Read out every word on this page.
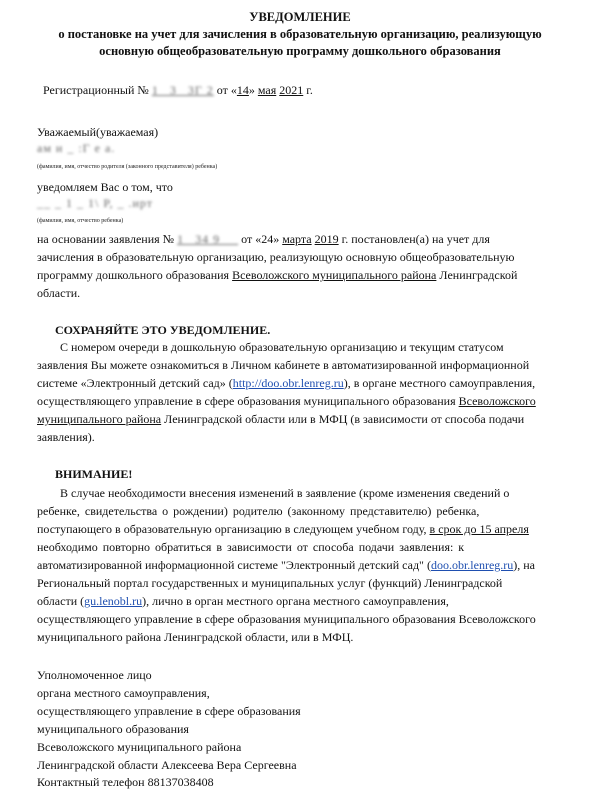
УВЕДОМЛЕНИЕ
о постановке на учет для зачисления в образовательную организацию, реализующую
основную общеобразовательную программу дошкольного образования
Регистрационный № 1_ 3_ 3Г 2 от «14» мая 2021 г.
Уважаемый(уважаемая)
ам и _ :Г е а.
(фамилия, имя, отчество родителя (законного представителя) ребенка)
уведомляем Вас о том, что
__ _ 1 _ 1\ Р, _ .ирт
(фамилия, имя, отчество ребенка)
на основании заявления № 1_ 34 9_ _ от «24» марта 2019 г. постановлен(а) на учет для
зачисления в образовательную организацию, реализующую основную общеобразовательную
программу дошкольного образования Всеволожского муниципального района Ленинградской
области.
СОХРАНЯЙТЕ ЭТО УВЕДОМЛЕНИЕ.
С номером очереди в дошкольную образовательную организацию и текущим статусом
заявления Вы можете ознакомиться в Личном кабинете в автоматизированной информационной
системе «Электронный детский сад» (http://doo.obr.lenreg.ru), в органе местного самоуправления,
осуществляющего управление в сфере образования муниципального образования Всеволожского
муниципального района Ленинградской области или в МФЦ (в зависимости от способа подачи
заявления).
ВНИМАНИЕ!
В случае необходимости внесения изменений в заявление (кроме изменения сведений о
ребенке, свидетельства о рождении) родителю (законному представителю) ребенка,
поступающего в образовательную организацию в следующем учебном году, в срок до 15 апреля
необходимо повторно обратиться в зависимости от способа подачи заявления: к
автоматизированной информационной системе "Электронный детский сад" (doo.obr.lenreg.ru), на
Региональный портал государственных и муниципальных услуг (функций) Ленинградской
области (gu.lenobl.ru), лично в орган местного органа местного самоуправления,
осуществляющего управление в сфере образования муниципального образования Всеволожского
муниципального района Ленинградской области, или в МФЦ.
Уполномоченное лицо
органа местного самоуправления,
осуществляющего управление в сфере образования
муниципального образования
Всеволожского муниципального района
Ленинградской области Алексеева Вера Сергеевна
Контактный телефон 88137038408
